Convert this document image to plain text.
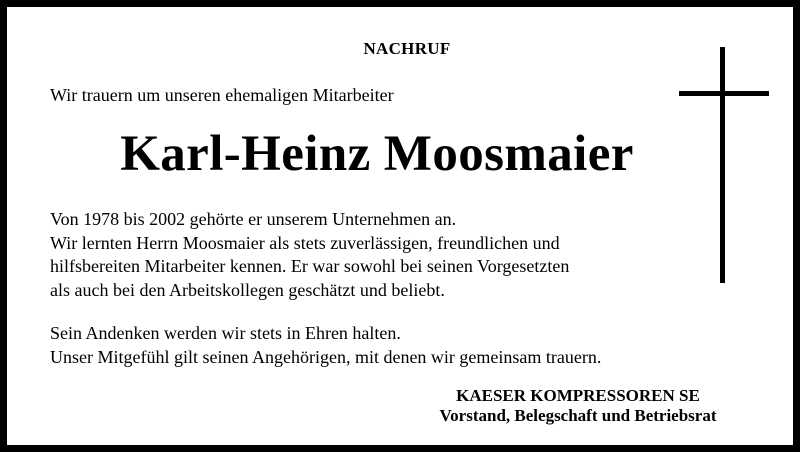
NACHRUF
Wir trauern um unseren ehemaligen Mitarbeiter
Karl-Heinz Moosmaier
Von 1978 bis 2002 gehörte er unserem Unternehmen an.
Wir lernten Herrn Moosmaier als stets zuverlässigen, freundlichen und
hilfsbereiten Mitarbeiter kennen. Er war sowohl bei seinen Vorgesetzten
als auch bei den Arbeitskollegen geschätzt und beliebt.
Sein Andenken werden wir stets in Ehren halten.
Unser Mitgefühl gilt seinen Angehörigen, mit denen wir gemeinsam trauern.
KAESER KOMPRESSOREN SE
Vorstand, Belegschaft und Betriebsrat
